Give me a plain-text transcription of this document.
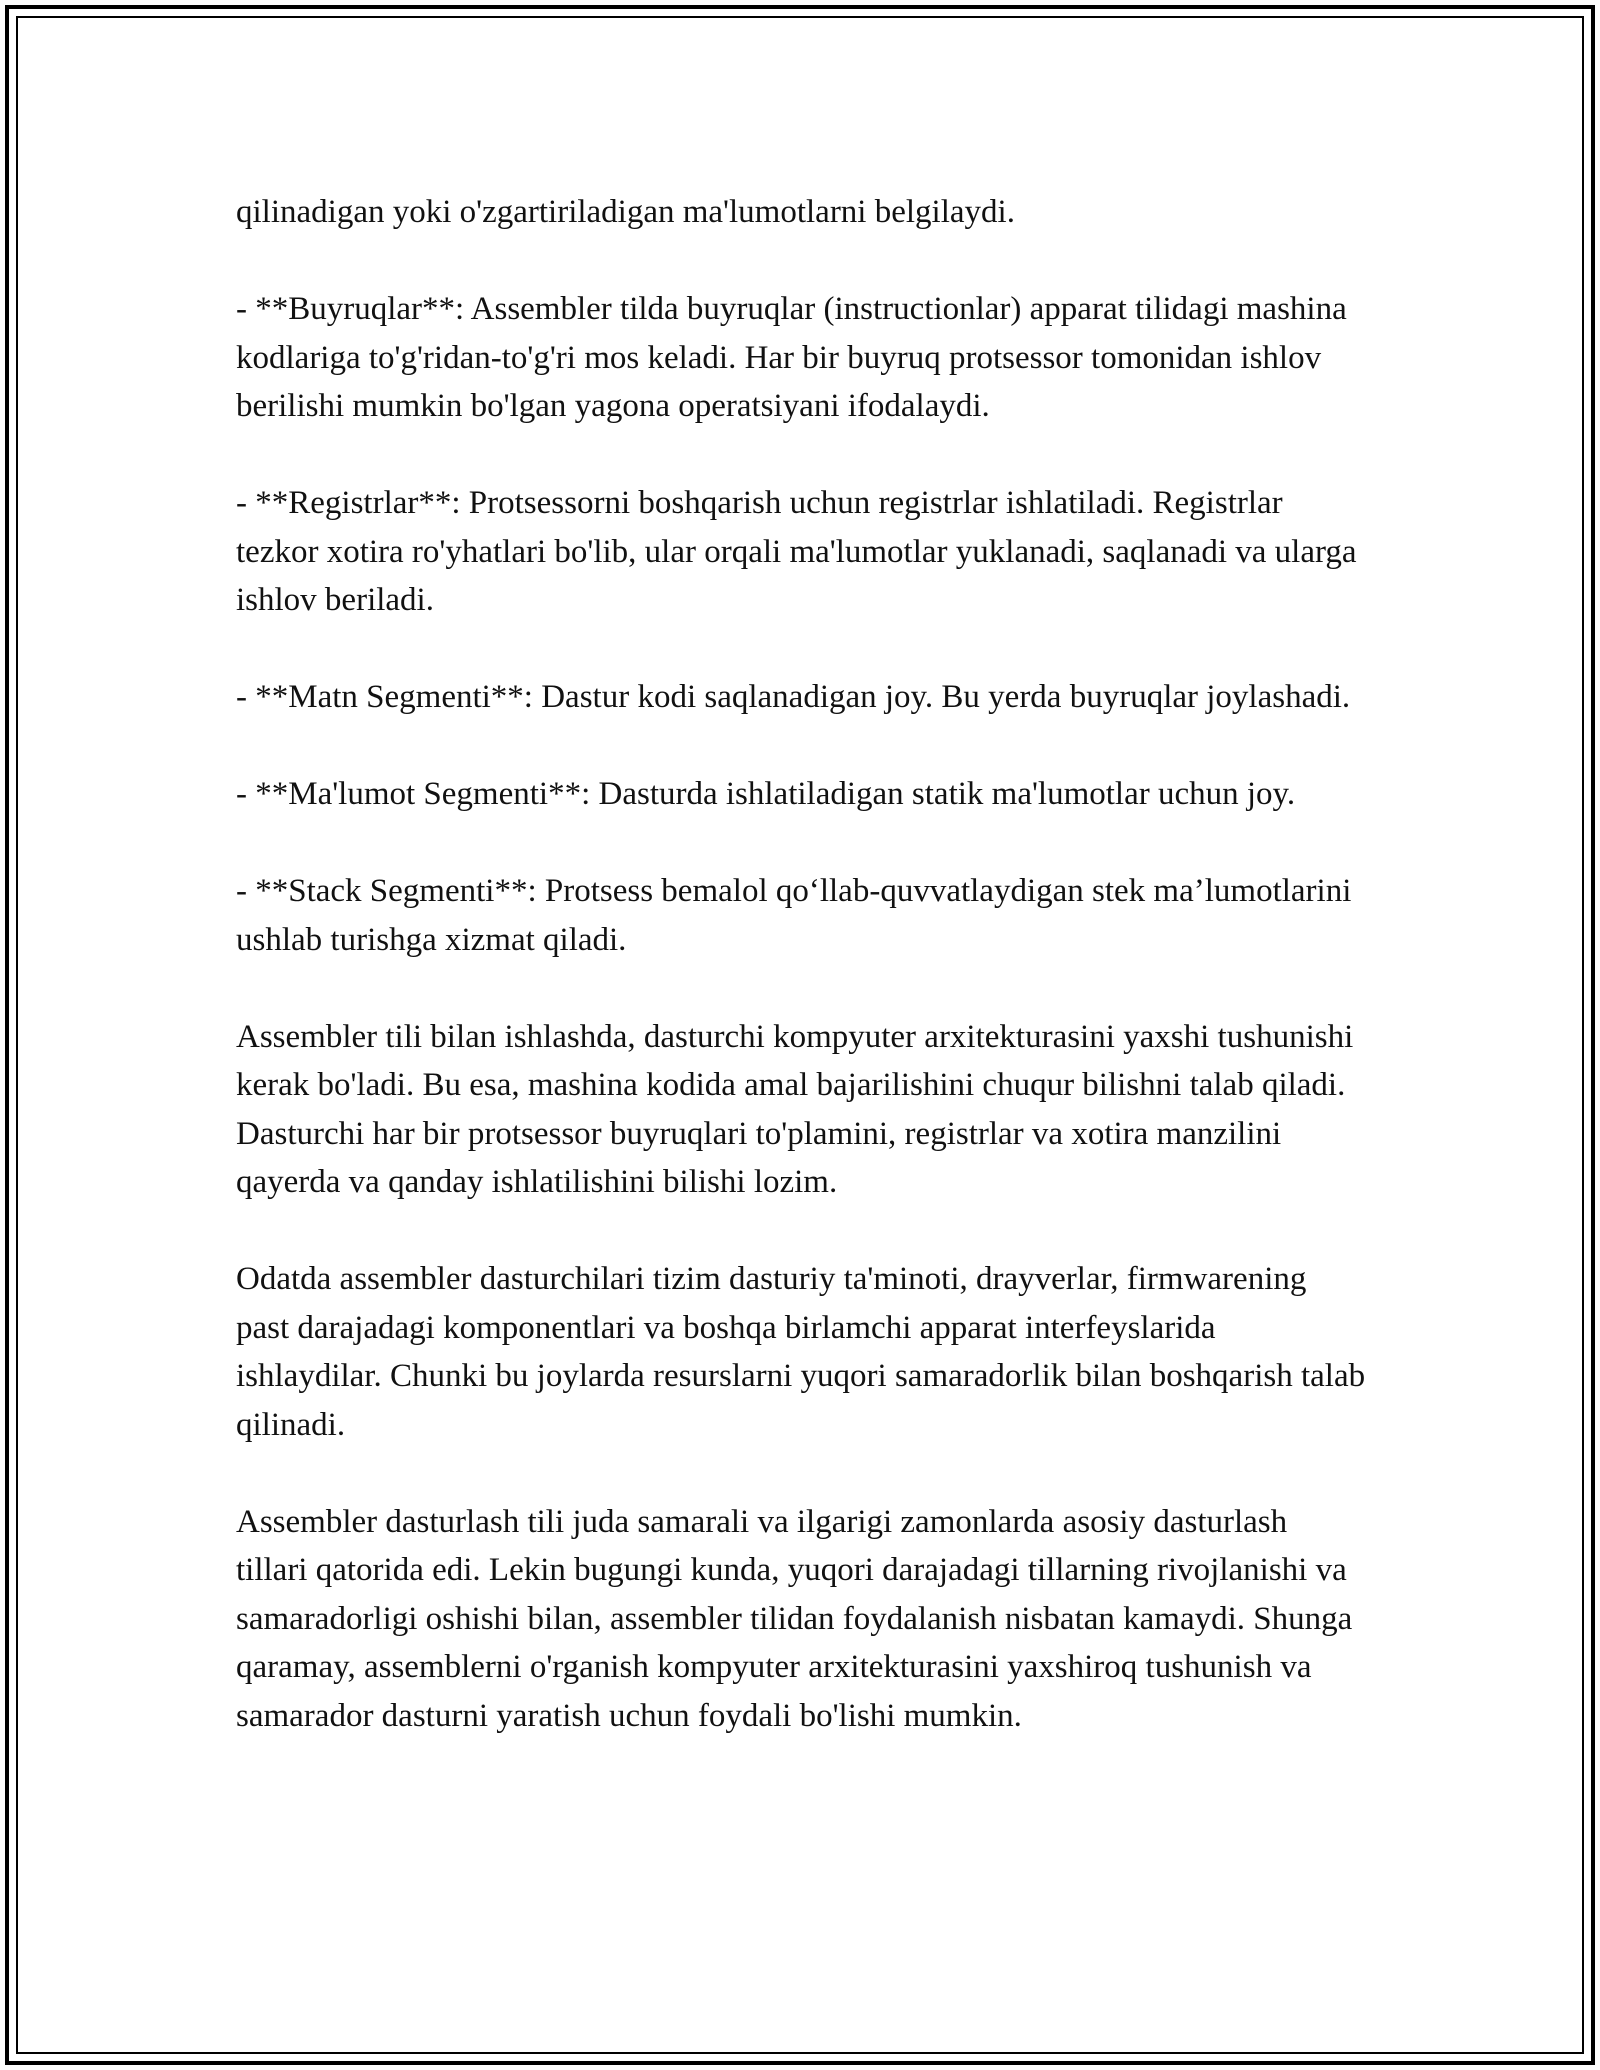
qilinadigan yoki o'zgartiriladigan ma'lumotlarni belgilaydi.

- **Buyruqlar**: Assembler tilda buyruqlar (instructionlar) apparat tilidagi mashina kodlariga to'g'ridan-to'g'ri mos keladi. Har bir buyruq protsessor tomonidan ishlov berilishi mumkin bo'lgan yagona operatsiyani ifodalaydi.

- **Registrlar**: Protsessorni boshqarish uchun registrlar ishlatiladi. Registrlar tezkor xotira ro'yhatlari bo'lib, ular orqali ma'lumotlar yuklanadi, saqlanadi va ularga ishlov beriladi.

- **Matn Segmenti**: Dastur kodi saqlanadigan joy. Bu yerda buyruqlar joylashadi.

- **Ma'lumot Segmenti**: Dasturda ishlatiladigan statik ma'lumotlar uchun joy.

- **Stack Segmenti**: Protsess bemalol qo‘llab-quvvatlaydigan stek ma’lumotlarini ushlab turishga xizmat qiladi.

Assembler tili bilan ishlashda, dasturchi kompyuter arxitekturasini yaxshi tushunishi kerak bo'ladi. Bu esa, mashina kodida amal bajarilishini chuqur bilishni talab qiladi. Dasturchi har bir protsessor buyruqlari to'plamini, registrlar va xotira manzilini qayerda va qanday ishlatilishini bilishi lozim.

Odatda assembler dasturchilari tizim dasturiy ta'minoti, drayverlar, firmwarening past darajadagi komponentlari va boshqa birlamchi apparat interfeyslarida ishlaydilar. Chunki bu joylarda resurslarni yuqori samaradorlik bilan boshqarish talab qilinadi.

Assembler dasturlash tili juda samarali va ilgarigi zamonlarda asosiy dasturlash tillari qatorida edi. Lekin bugungi kunda, yuqori darajadagi tillarning rivojlanishi va samaradorligi oshishi bilan, assembler tilidan foydalanish nisbatan kamaydi. Shunga qaramay, assemblerni o'rganish kompyuter arxitekturasini yaxshiroq tushunish va samarador dasturni yaratish uchun foydali bo'lishi mumkin.
